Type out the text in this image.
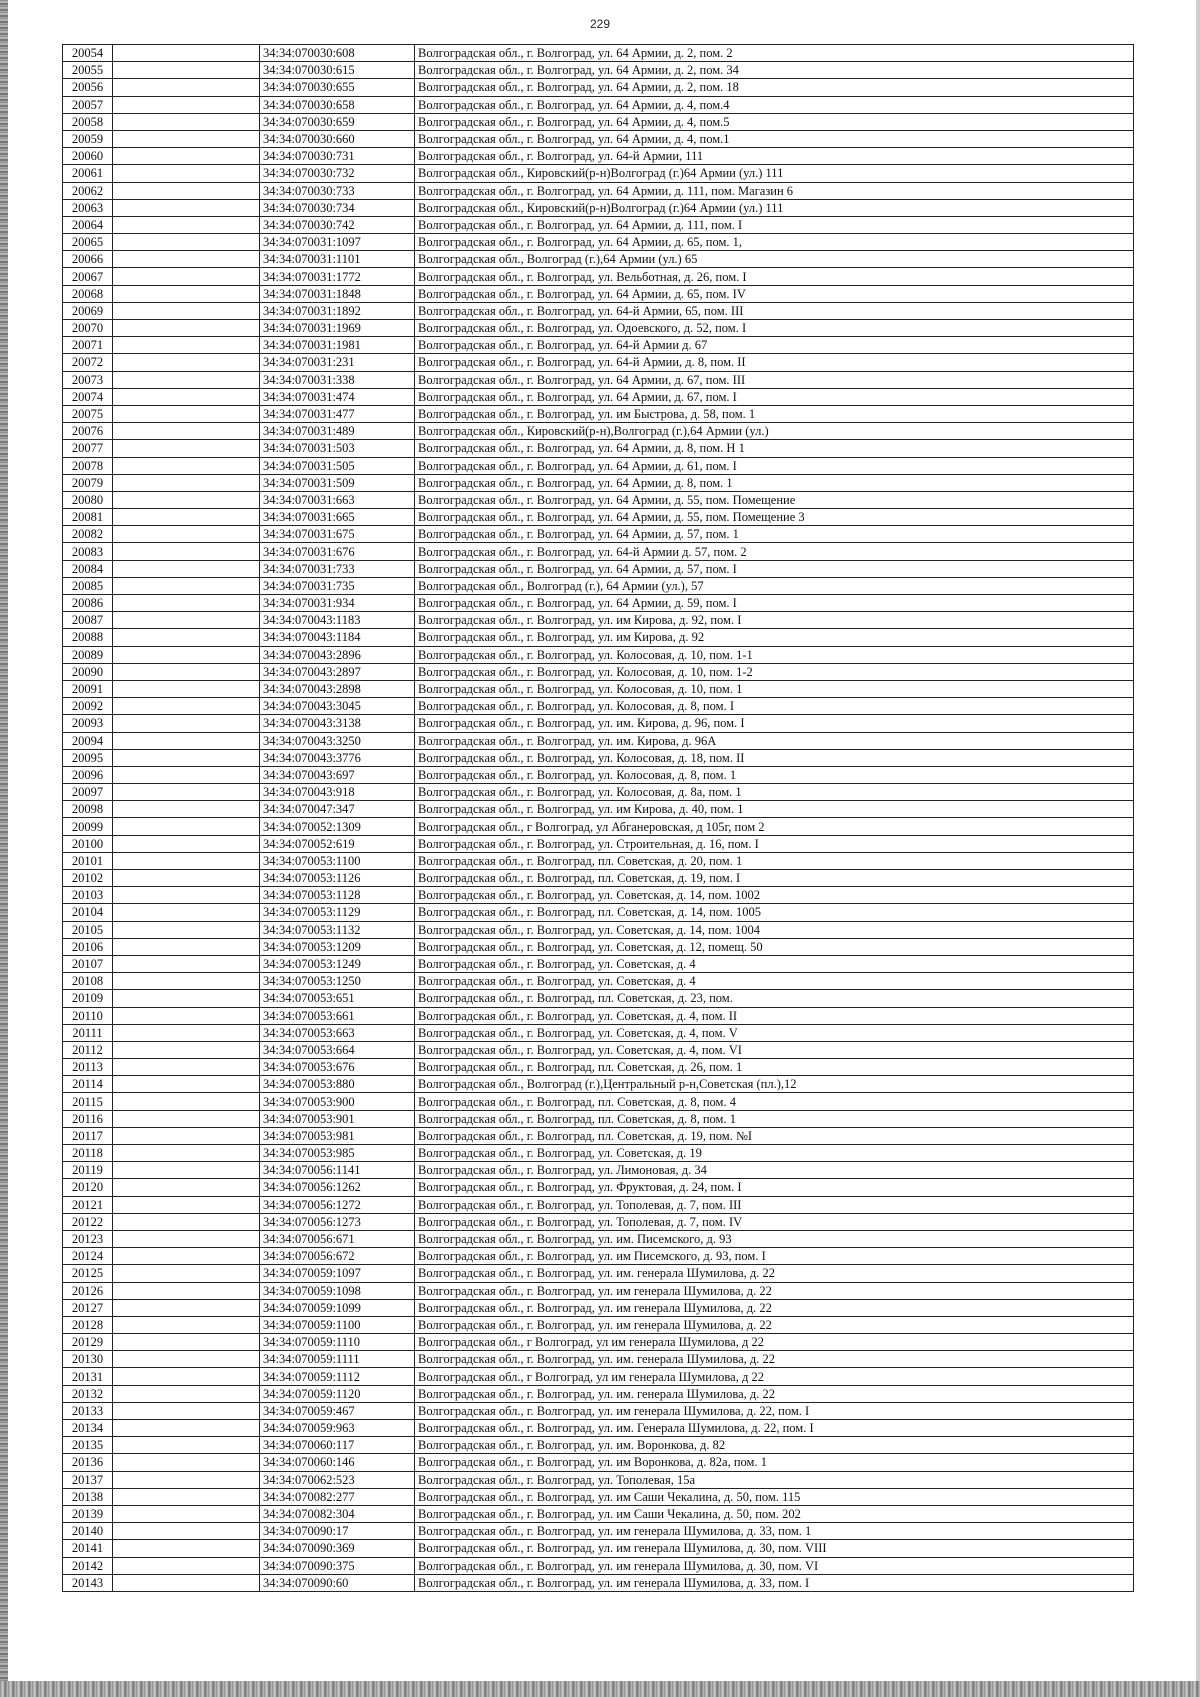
229
20054		34:34:070030:608	Волгоградская обл., г. Волгоград, ул. 64 Армии, д. 2, пом. 2
20055		34:34:070030:615	Волгоградская обл., г. Волгоград, ул. 64 Армии, д. 2, пом. 34
20056		34:34:070030:655	Волгоградская обл., г. Волгоград, ул. 64 Армии, д. 2, пом. 18
20057		34:34:070030:658	Волгоградская обл., г. Волгоград, ул. 64 Армии, д. 4, пом.4
20058		34:34:070030:659	Волгоградская обл., г. Волгоград, ул. 64 Армии, д. 4, пом.5
20059		34:34:070030:660	Волгоградская обл., г. Волгоград, ул. 64 Армии, д. 4, пом.1
20060		34:34:070030:731	Волгоградская обл., г. Волгоград, ул. 64-й Армии, 111
20061		34:34:070030:732	Волгоградская обл., Кировский(р-н)Волгоград (г.)64 Армии (ул.) 111
20062		34:34:070030:733	Волгоградская обл., г. Волгоград, ул. 64 Армии, д. 111, пом. Магазин 6
20063		34:34:070030:734	Волгоградская обл., Кировский(р-н)Волгоград (г.)64 Армии (ул.) 111
20064		34:34:070030:742	Волгоградская обл., г. Волгоград, ул. 64 Армии, д. 111, пом. I
20065		34:34:070031:1097	Волгоградская обл., г. Волгоград, ул. 64 Армии, д. 65, пом. 1,
20066		34:34:070031:1101	Волгоградская обл., Волгоград (г.),64 Армии (ул.) 65
20067		34:34:070031:1772	Волгоградская обл., г. Волгоград, ул. Вельботная, д. 26, пом. I
20068		34:34:070031:1848	Волгоградская обл., г. Волгоград, ул. 64 Армии, д. 65, пом. IV
20069		34:34:070031:1892	Волгоградская обл., г. Волгоград, ул. 64-й Армии, 65, пом. III
20070		34:34:070031:1969	Волгоградская обл., г. Волгоград, ул. Одоевского, д. 52, пом. I
20071		34:34:070031:1981	Волгоградская обл., г. Волгоград, ул. 64-й Армии д. 67
20072		34:34:070031:231	Волгоградская обл., г. Волгоград, ул. 64-й Армии, д. 8, пом. II
20073		34:34:070031:338	Волгоградская обл., г. Волгоград, ул. 64 Армии, д. 67, пом. III
20074		34:34:070031:474	Волгоградская обл., г. Волгоград, ул. 64 Армии, д. 67, пом. I
20075		34:34:070031:477	Волгоградская обл., г. Волгоград, ул. им Быстрова, д. 58, пом. 1
20076		34:34:070031:489	Волгоградская обл., Кировский(р-н),Волгоград (г.),64 Армии (ул.)
20077		34:34:070031:503	Волгоградская обл., г. Волгоград, ул. 64 Армии, д. 8, пом. Н 1
20078		34:34:070031:505	Волгоградская обл., г. Волгоград, ул. 64 Армии, д. 61, пом. I
20079		34:34:070031:509	Волгоградская обл., г. Волгоград, ул. 64 Армии, д. 8, пом. 1
20080		34:34:070031:663	Волгоградская обл., г. Волгоград, ул. 64 Армии, д. 55, пом. Помещение
20081		34:34:070031:665	Волгоградская обл., г. Волгоград, ул. 64 Армии, д. 55, пом. Помещение 3
20082		34:34:070031:675	Волгоградская обл., г. Волгоград, ул. 64 Армии, д. 57, пом. 1
20083		34:34:070031:676	Волгоградская обл., г. Волгоград, ул. 64-й Армии д. 57, пом. 2
20084		34:34:070031:733	Волгоградская обл., г. Волгоград, ул. 64 Армии, д. 57, пом. I
20085		34:34:070031:735	Волгоградская обл., Волгоград (г.), 64 Армии (ул.), 57
20086		34:34:070031:934	Волгоградская обл., г. Волгоград, ул. 64 Армии, д. 59, пом. I
20087		34:34:070043:1183	Волгоградская обл., г. Волгоград, ул. им Кирова, д. 92, пом. I
20088		34:34:070043:1184	Волгоградская обл., г. Волгоград, ул. им Кирова, д. 92
20089		34:34:070043:2896	Волгоградская обл., г. Волгоград, ул. Колосовая, д. 10, пом. 1-1
20090		34:34:070043:2897	Волгоградская обл., г. Волгоград, ул. Колосовая, д. 10, пом. 1-2
20091		34:34:070043:2898	Волгоградская обл., г. Волгоград, ул. Колосовая, д. 10, пом. 1
20092		34:34:070043:3045	Волгоградская обл., г. Волгоград, ул. Колосовая, д. 8, пом. I
20093		34:34:070043:3138	Волгоградская обл., г. Волгоград, ул. им. Кирова, д. 96, пом. I
20094		34:34:070043:3250	Волгоградская обл., г. Волгоград, ул. им. Кирова, д. 96А
20095		34:34:070043:3776	Волгоградская обл., г. Волгоград, ул. Колосовая, д. 18, пом. II
20096		34:34:070043:697	Волгоградская обл., г. Волгоград, ул. Колосовая, д. 8, пом. 1
20097		34:34:070043:918	Волгоградская обл., г. Волгоград, ул. Колосовая, д. 8а, пом. 1
20098		34:34:070047:347	Волгоградская обл., г. Волгоград, ул. им Кирова, д. 40, пом. 1
20099		34:34:070052:1309	Волгоградская обл., г Волгоград, ул Абганеровская, д 105г, пом 2
20100		34:34:070052:619	Волгоградская обл., г. Волгоград, ул. Строительная, д. 16, пом. I
20101		34:34:070053:1100	Волгоградская обл., г. Волгоград, пл. Советская, д. 20, пом. 1
20102		34:34:070053:1126	Волгоградская обл., г. Волгоград, пл. Советская, д. 19, пом. I
20103		34:34:070053:1128	Волгоградская обл., г. Волгоград, ул. Советская, д. 14, пом. 1002
20104		34:34:070053:1129	Волгоградская обл., г. Волгоград, пл. Советская, д. 14, пом. 1005
20105		34:34:070053:1132	Волгоградская обл., г. Волгоград, ул. Советская, д. 14, пом. 1004
20106		34:34:070053:1209	Волгоградская обл., г. Волгоград, ул. Советская, д. 12, помещ. 50
20107		34:34:070053:1249	Волгоградская обл., г. Волгоград, ул. Советская, д. 4
20108		34:34:070053:1250	Волгоградская обл., г. Волгоград, ул. Советская, д. 4
20109		34:34:070053:651	Волгоградская обл., г. Волгоград, пл. Советская, д. 23, пом.
20110		34:34:070053:661	Волгоградская обл., г. Волгоград, ул. Советская, д. 4, пом. II
20111		34:34:070053:663	Волгоградская обл., г. Волгоград, ул. Советская, д. 4, пом. V
20112		34:34:070053:664	Волгоградская обл., г. Волгоград, ул. Советская, д. 4, пом. VI
20113		34:34:070053:676	Волгоградская обл., г. Волгоград, пл. Советская, д. 26, пом. 1
20114		34:34:070053:880	Волгоградская обл., Волгоград (г.),Центральный р-н,Советская (пл.),12
20115		34:34:070053:900	Волгоградская обл., г. Волгоград, пл. Советская, д. 8, пом. 4
20116		34:34:070053:901	Волгоградская обл., г. Волгоград, пл. Советская, д. 8, пом. 1
20117		34:34:070053:981	Волгоградская обл., г. Волгоград, пл. Советская, д. 19, пом. №I
20118		34:34:070053:985	Волгоградская обл., г. Волгоград, ул. Советская, д. 19
20119		34:34:070056:1141	Волгоградская обл., г. Волгоград, ул. Лимоновая, д. 34
20120		34:34:070056:1262	Волгоградская обл., г. Волгоград, ул. Фруктовая, д. 24, пом. I
20121		34:34:070056:1272	Волгоградская обл., г. Волгоград, ул. Тополевая, д. 7, пом. III
20122		34:34:070056:1273	Волгоградская обл., г. Волгоград, ул. Тополевая, д. 7, пом. IV
20123		34:34:070056:671	Волгоградская обл., г. Волгоград, ул. им. Писемского, д. 93
20124		34:34:070056:672	Волгоградская обл., г. Волгоград, ул. им Писемского, д. 93, пом. I
20125		34:34:070059:1097	Волгоградская обл., г. Волгоград, ул. им. генерала Шумилова, д. 22
20126		34:34:070059:1098	Волгоградская обл., г. Волгоград, ул. им генерала Шумилова, д. 22
20127		34:34:070059:1099	Волгоградская обл., г. Волгоград, ул. им генерала Шумилова, д. 22
20128		34:34:070059:1100	Волгоградская обл., г. Волгоград, ул. им генерала Шумилова, д. 22
20129		34:34:070059:1110	Волгоградская обл., г Волгоград, ул им генерала Шумилова, д 22
20130		34:34:070059:1111	Волгоградская обл., г. Волгоград, ул. им. генерала Шумилова, д. 22
20131		34:34:070059:1112	Волгоградская обл., г Волгоград, ул им генерала Шумилова, д 22
20132		34:34:070059:1120	Волгоградская обл., г. Волгоград, ул. им. генерала Шумилова, д. 22
20133		34:34:070059:467	Волгоградская обл., г. Волгоград, ул. им генерала Шумилова, д. 22, пом. I
20134		34:34:070059:963	Волгоградская обл., г. Волгоград, ул. им. Генерала Шумилова, д. 22, пом. I
20135		34:34:070060:117	Волгоградская обл., г. Волгоград, ул. им. Воронкова, д. 82
20136		34:34:070060:146	Волгоградская обл., г. Волгоград, ул. им Воронкова, д. 82а, пом. 1
20137		34:34:070062:523	Волгоградская обл., г. Волгоград, ул. Тополевая, 15а
20138		34:34:070082:277	Волгоградская обл., г. Волгоград, ул. им Саши Чекалина, д. 50, пом. 115
20139		34:34:070082:304	Волгоградская обл., г. Волгоград, ул. им Саши Чекалина, д. 50, пом. 202
20140		34:34:070090:17	Волгоградская обл., г. Волгоград, ул. им генерала Шумилова, д. 33, пом. 1
20141		34:34:070090:369	Волгоградская обл., г. Волгоград, ул. им генерала Шумилова, д. 30, пом. VIII
20142		34:34:070090:375	Волгоградская обл., г. Волгоград, ул. им генерала Шумилова, д. 30, пом. VI
20143		34:34:070090:60	Волгоградская обл., г. Волгоград, ул. им генерала Шумилова, д. 33, пом. I
